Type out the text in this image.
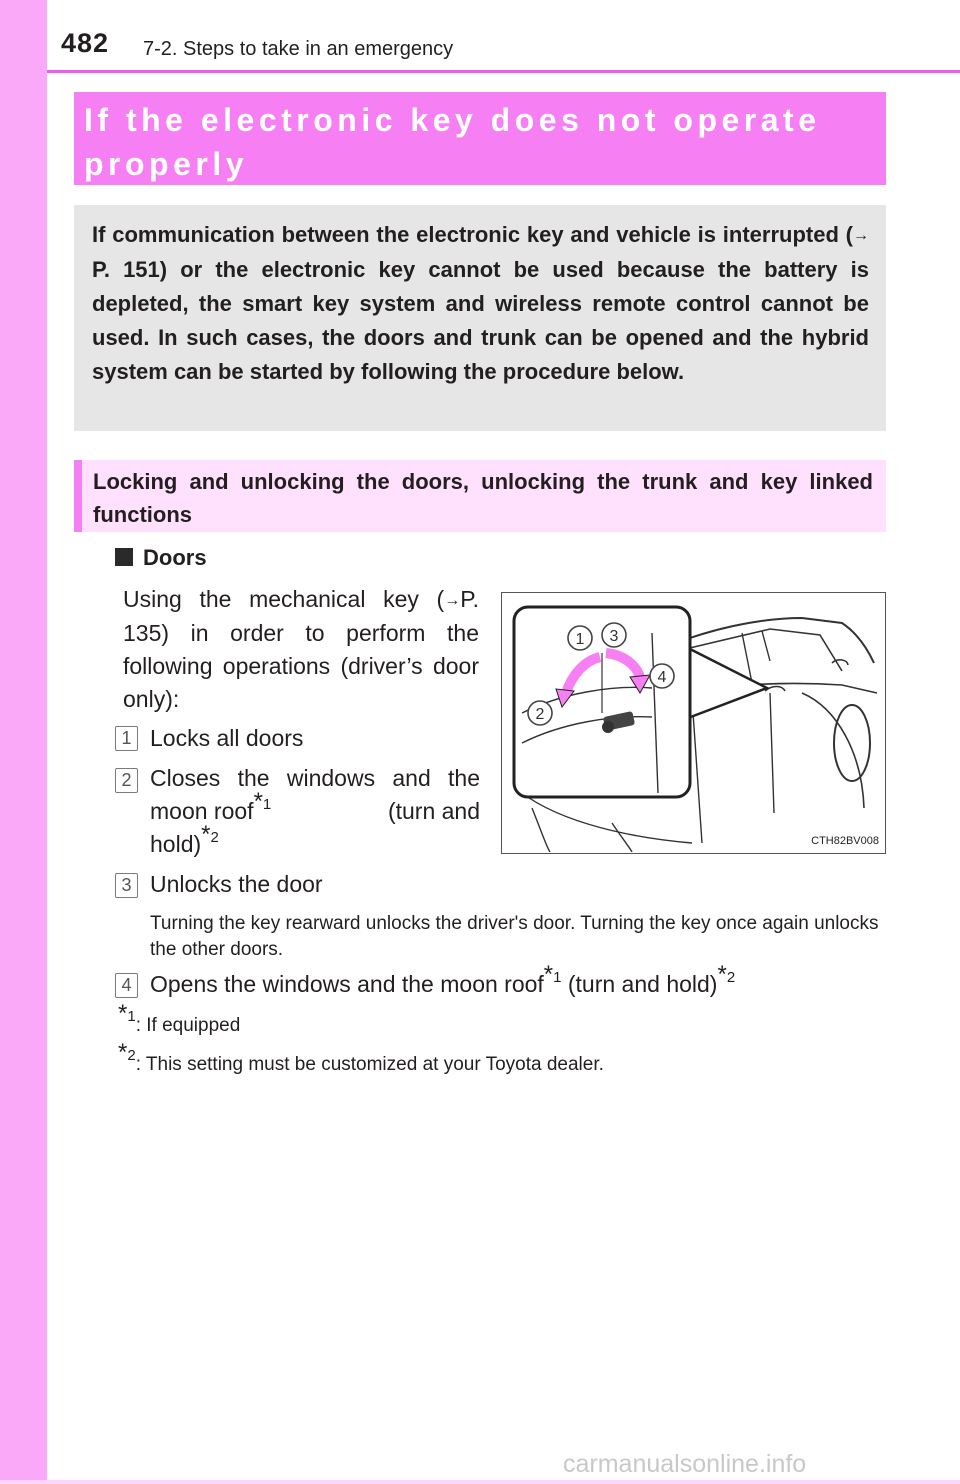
482 7-2. Steps to take in an emergency
If the electronic key does not operate
properly
If communication between the electronic key and vehicle is interrupted (→P. 151) or the electronic key cannot be used because the battery is depleted, the smart key system and wireless remote control cannot be used. In such cases, the doors and trunk can be opened and the hybrid system can be started by following the procedure below.
Locking and unlocking the doors, unlocking the trunk and key linked functions
Doors
Using the mechanical key (→P. 135) in order to perform the following operations (driver’s door only):
1 Locks all doors
2 Closes the windows and the
moon roof$^{*1}$	(turn and
hold)$^{*2}$
3 Unlocks the door
Turning the key rearward unlocks the driver's door. Turning the key once again unlocks the other doors.
4 Opens the windows and the moon roof$^{*1}$ (turn and hold)$^{*2}$
$^{*1}$: If equipped
$^{*2}$: This setting must be customized at your Toyota dealer.
1 3
4
2
CTH82BV008
carmanualsonline.info
